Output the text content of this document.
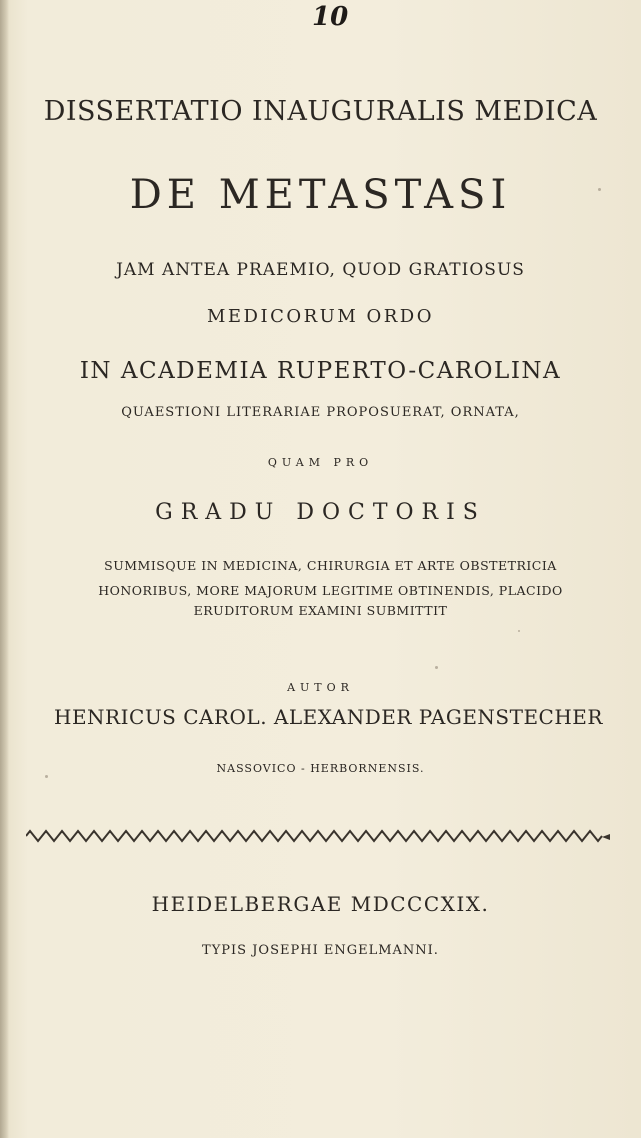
10

DISSERTATIO INAUGURALIS MEDICA

DE METASTASI

JAM ANTEA PRAEMIO, QUOD GRATIOSUS

MEDICORUM ORDO

IN ACADEMIA RUPERTO-CAROLINA

QUAESTIONI LITERARIAE PROPOSUERAT, ORNATA,

QUAM PRO

GRADU DOCTORIS

SUMMISQUE IN MEDICINA, CHIRURGIA ET ARTE OBSTETRICIA

HONORIBUS, MORE MAJORUM LEGITIME OBTINENDIS, PLACIDO

ERUDITORUM EXAMINI SUBMITTIT

AUTOR

HENRICUS CAROL. ALEXANDER PAGENSTECHER

NASSOVICO - HERBORNENSIS.

HEIDELBERGAE MDCCCXIX.

TYPIS JOSEPHI ENGELMANNI.
